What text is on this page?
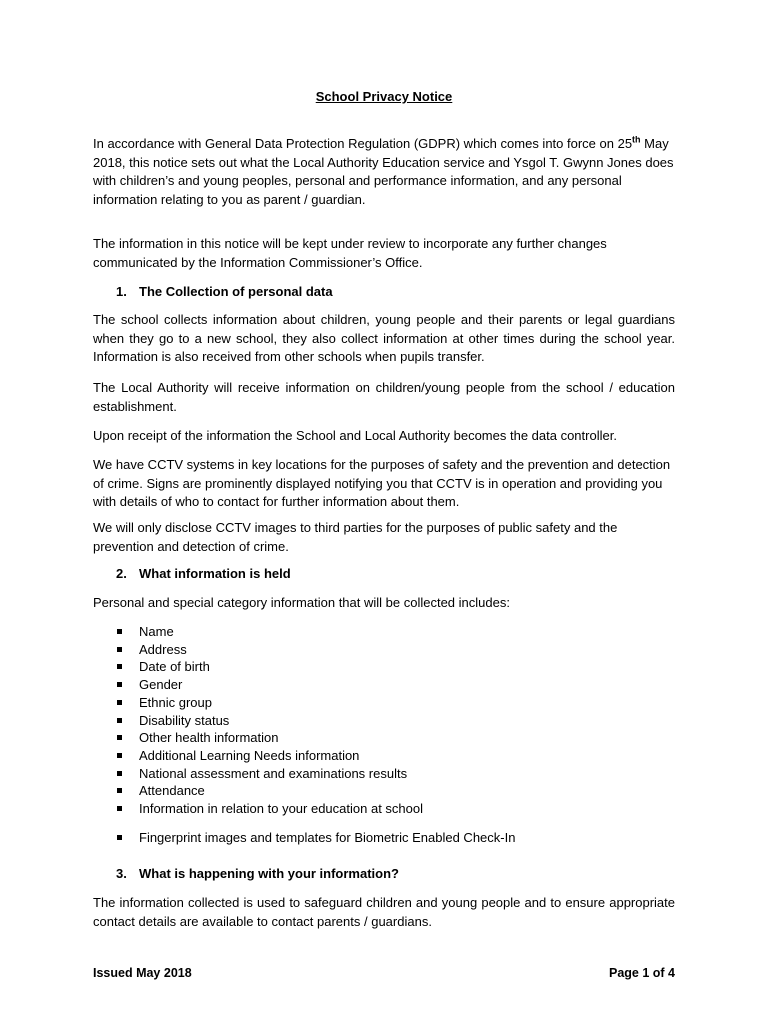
School Privacy Notice
In accordance with General Data Protection Regulation (GDPR) which comes into force on 25th May 2018, this notice sets out what the Local Authority Education service and Ysgol T. Gwynn Jones does with children’s and young peoples, personal and performance information, and any personal information relating to you as parent / guardian.
The information in this notice will be kept under review to incorporate any further changes communicated by the Information Commissioner’s Office.
1. The Collection of personal data
The school collects information about children, young people and their parents or legal guardians when they go to a new school, they also collect information at other times during the school year. Information is also received from other schools when pupils transfer.
The Local Authority will receive information on children/young people from the school / education establishment.
Upon receipt of the information the School and Local Authority becomes the data controller.
We have CCTV systems in key locations for the purposes of safety and the prevention and detection of crime. Signs are prominently displayed notifying you that CCTV is in operation and providing you with details of who to contact for further information about them.
We will only disclose CCTV images to third parties for the purposes of public safety and the prevention and detection of crime.
2. What information is held
Personal and special category information that will be collected includes:
Name
Address
Date of birth
Gender
Ethnic group
Disability status
Other health information
Additional Learning Needs information
National assessment and examinations results
Attendance
Information in relation to your education at school
Fingerprint images and templates for Biometric Enabled Check-In
3. What is happening with your information?
The information collected is used to safeguard children and young people and to ensure appropriate contact details are available to contact parents / guardians.
Issued May 2018	Page 1 of 4
